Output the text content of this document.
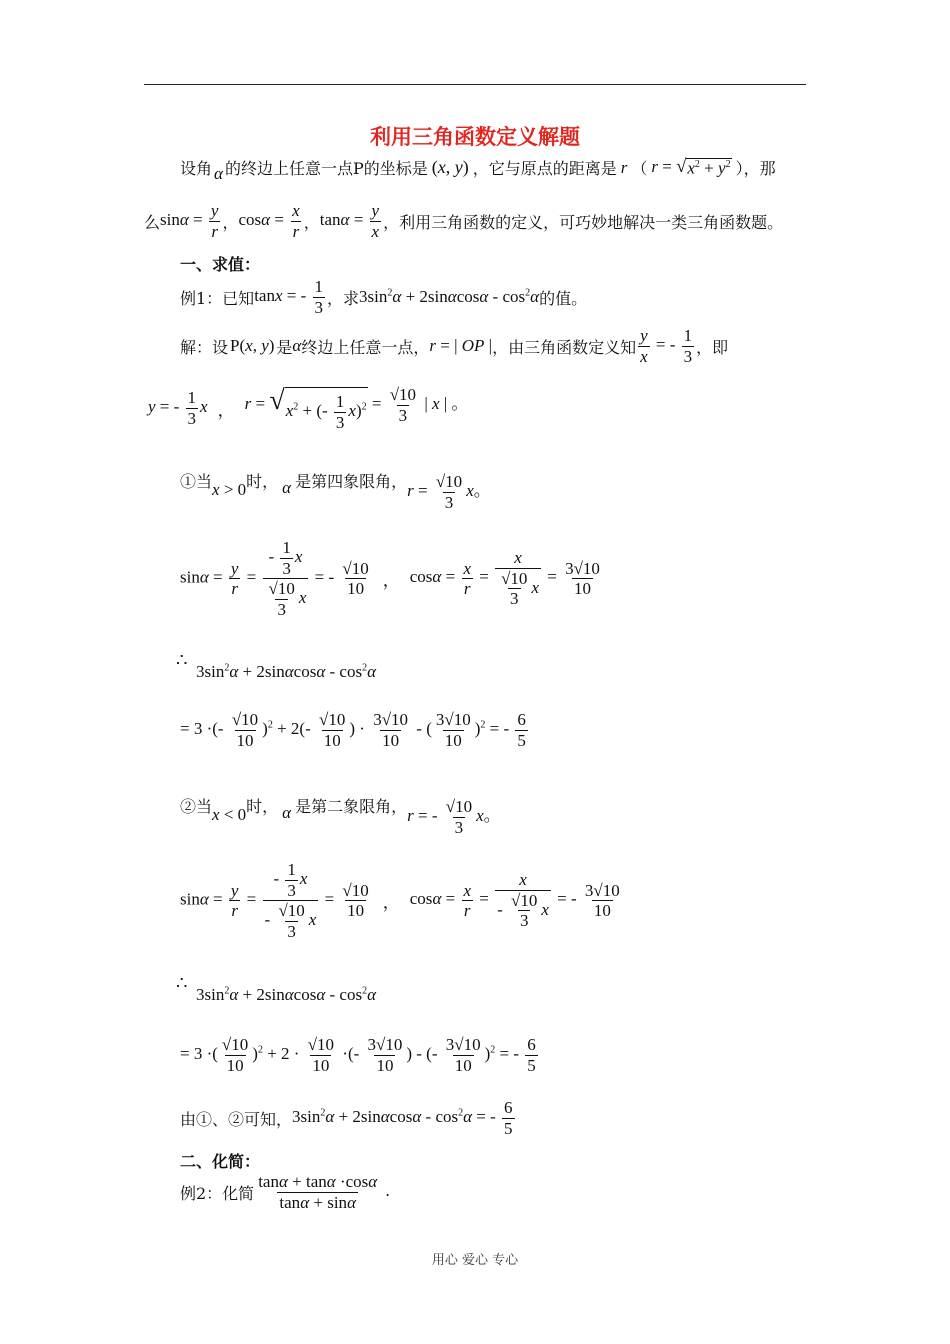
利用三角函数定义解题
设角 α 的终边上任意一点P的坐标是 (x, y) ，它与原点的距离是 r （ r = √ $x^2 + y^2$ ），那
么 $\sin\alpha = \frac{y}{r}$ ， $\cos\alpha = \frac{x}{r}$ ， $\tan\alpha = \frac{y}{x}$ ，利用三角函数的定义，可巧妙地解决一类三角函数题。
一、求值：
例1：已知 tanx = - $\frac{1}{3}$ ，求 $3\sin^2\alpha + 2\sin\alpha\cos\alpha - \cos^2\alpha$ 的值。
解：设 P(x, y) 是 α 终边上任意一点， r = | OP | ，由三角函数定义知 $\frac{y}{x}$ = - $\frac{1}{3}$ ，即
y = - $\frac{1}{3}$ x ， r = √ $x^2$ + (- $\frac{1}{3} x)^2 = \frac{√10}{3}$ | x | 。
①当 x > 0 时， α 是第四象限角， $r = \frac{√10}{3}$ x。
$\sin\alpha = \frac{y}{r} = \frac{- \frac{1}{3} x}{\frac{√10}{3} x}$ = - $\frac{√10}{10}$ ， $\cos\alpha = \frac{x}{r} = \frac{x}{\frac{√10}{3} x} = \frac{3√10}{10}$
∴
$3\sin^2\alpha + 2\sin\alpha\cos\alpha - \cos^2\alpha$
= 3 ·(- $\frac{√10}{10} )^2 + 2(- \frac{√10}{10}$ ) · $\frac{3√10}{10}$ - ( $\frac{3√10}{10} )^2$ = - $\frac{6}{5}$
②当 x < 0 时， α 是第二象限角， r = - $\frac{√10}{3}$ x。
$\sin\alpha = \frac{y}{r} = \frac{- \frac{1}{3} x}{- \frac{√10}{3} x} = \frac{√10}{10}$ ， $\cos\alpha = \frac{x}{r} = \frac{x}{- \frac{√10}{3} x}$ = - $\frac{3√10}{10}$
∴
$3\sin^2\alpha + 2\sin\alpha\cos\alpha - \cos^2\alpha$
= 3 ·( $\frac{√10}{10} )^2 + 2 \cdot \frac{√10}{10}$ ·(- $\frac{3√10}{10}$ ) - (- $\frac{3√10}{10} )^2$ = - $\frac{6}{5}$
由①、②可知， $3\sin^2\alpha + 2\sin\alpha\cos\alpha - \cos^2\alpha$ = - $\frac{6}{5}$
二、化简：
例2：化简 $\frac{\tan\alpha + \tan\alpha \cdot\cos\alpha}{\tan\alpha + \sin\alpha}$ .
用心 爱心 专心
